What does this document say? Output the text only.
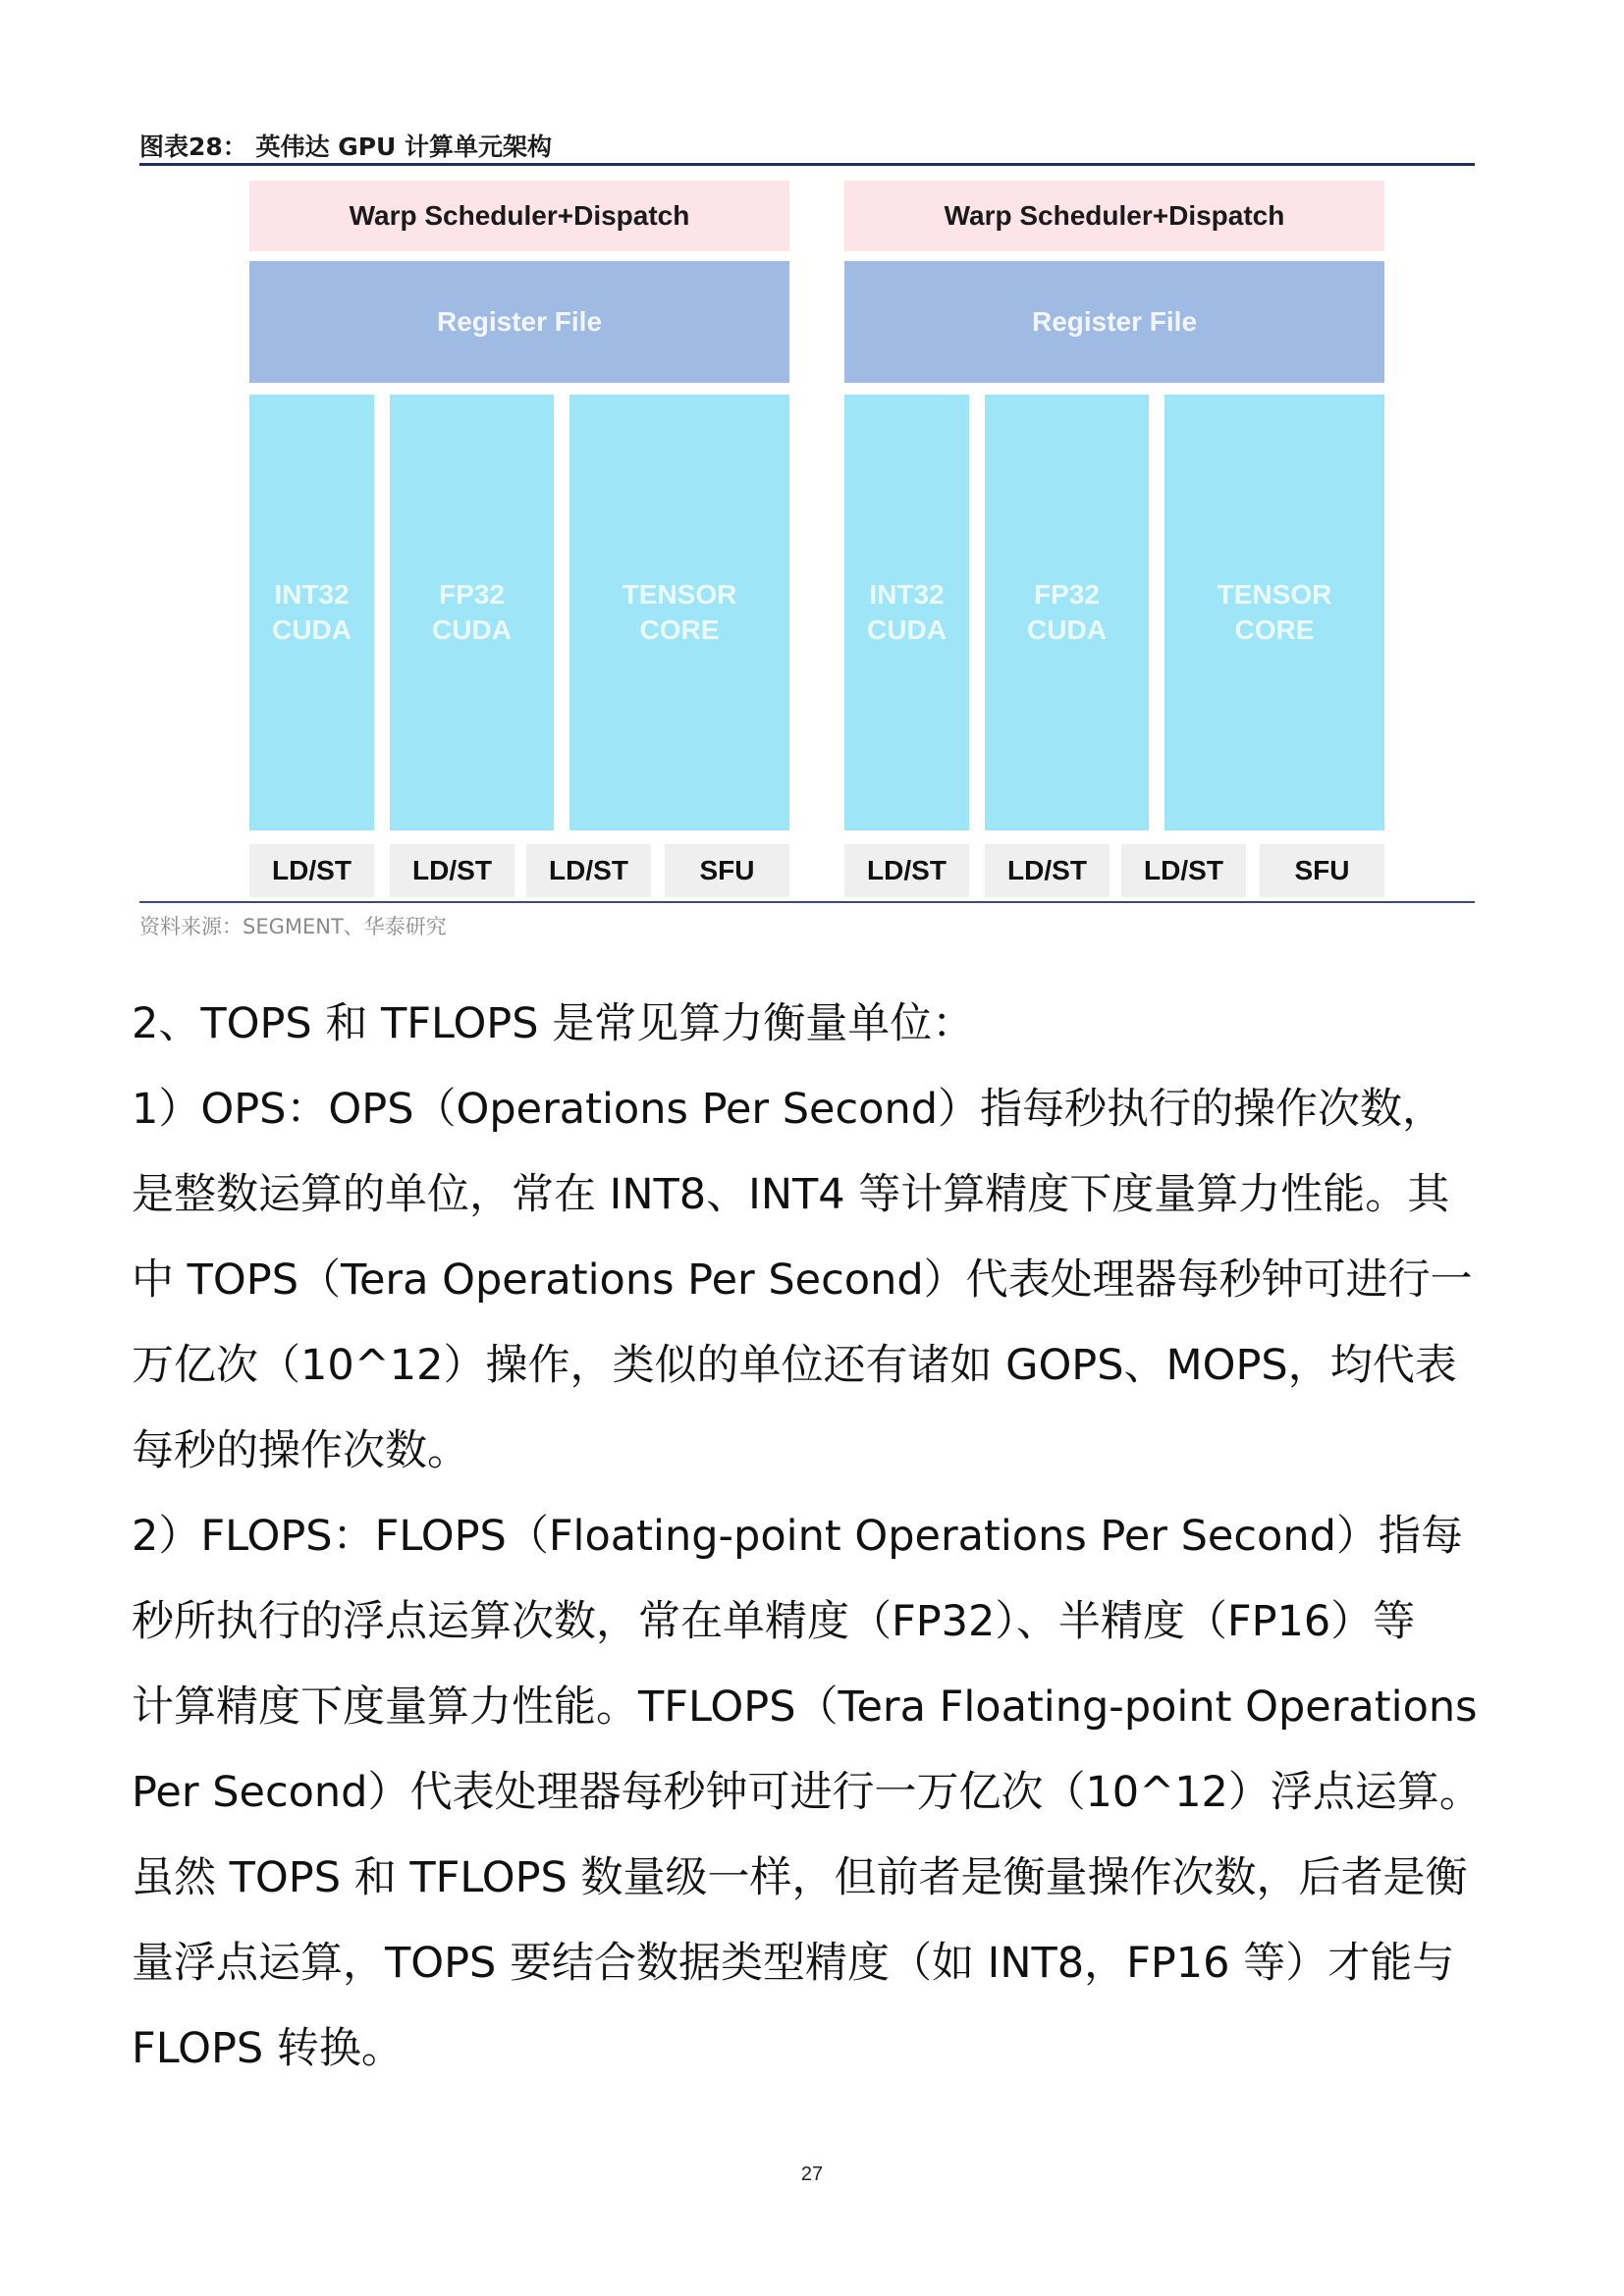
图表28： 英伟达 GPU 计算单元架构
Warp Scheduler+Dispatch
Register File
INT32
CUDA
FP32
CUDA
TENSOR
CORE
LD/ST	LD/ST	LD/ST	SFU
Warp Scheduler+Dispatch
Register File
INT32
CUDA
FP32
CUDA
TENSOR
CORE
LD/ST	LD/ST	LD/ST	SFU
资料来源：SEGMENT、华泰研究

2、TOPS 和 TFLOPS 是常见算力衡量单位：

1）OPS：OPS（Operations Per Second）指每秒执行的操作次数，

是整数运算的单位，常在 INT8、INT4 等计算精度下度量算力性能。其

中 TOPS（Tera Operations Per Second）代表处理器每秒钟可进行一

万亿次（10^12）操作，类似的单位还有诸如 GOPS、MOPS，均代表

每秒的操作次数。

2）FLOPS：FLOPS（Floating-point Operations Per Second）指每

秒所执行的浮点运算次数，常在单精度（FP32）、半精度（FP16）等

计算精度下度量算力性能。TFLOPS（Tera Floating-point Operations

Per Second）代表处理器每秒钟可进行一万亿次（10^12）浮点运算。

虽然 TOPS 和 TFLOPS 数量级一样，但前者是衡量操作次数，后者是衡

量浮点运算，TOPS 要结合数据类型精度（如 INT8，FP16 等）才能与

FLOPS 转换。

27
